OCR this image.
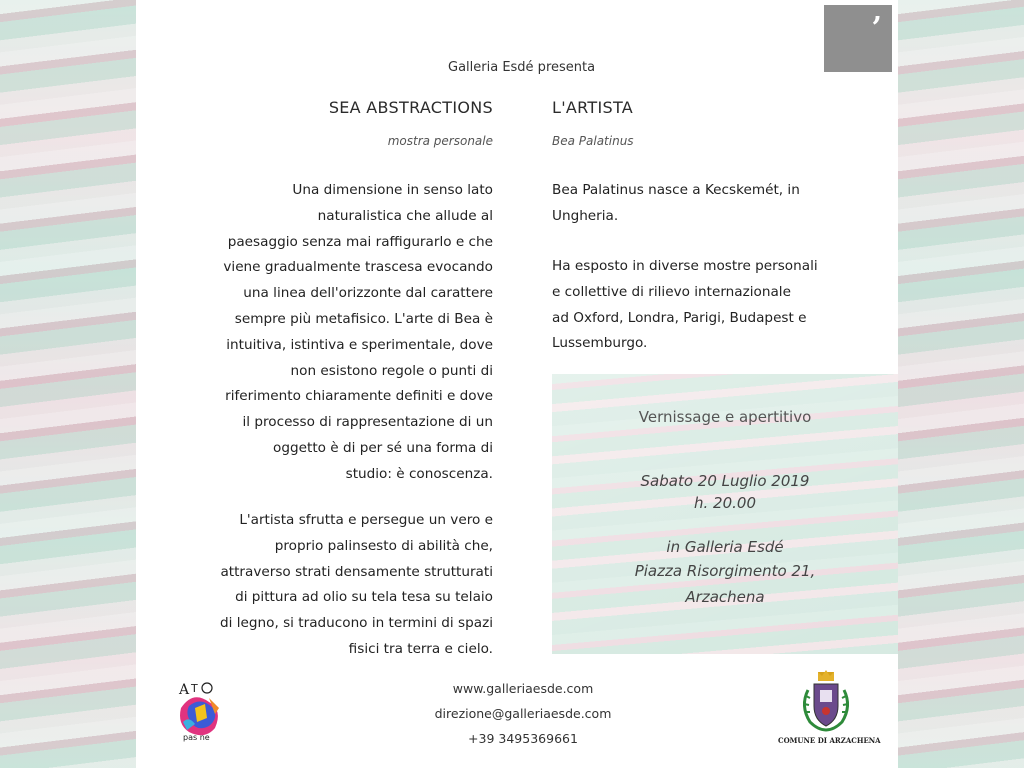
’
Galleria Esdé presenta
SEA ABSTRACTIONS
mostra personale
L'ARTISTA
Bea Palatinus
Una dimensione in senso lato
naturalistica che allude al
paesaggio senza mai raffigurarlo e che
viene gradualmente trascesa evocando
una linea dell'orizzonte dal carattere
sempre più metafisico. L'arte di Bea è
intuitiva, istintiva e sperimentale, dove
non esistono regole o punti di
riferimento chiaramente definiti e dove
il processo di rappresentazione di un
oggetto è di per sé una forma di
studio: è conoscenza.
L'artista sfrutta e persegue un vero e
proprio palinsesto di abilità che,
attraverso strati densamente strutturati
di pittura ad olio su tela tesa su telaio
di legno, si traducono in termini di spazi
fisici tra terra e cielo.
Bea Palatinus nasce a Kecskemét, in
Ungheria.
Ha esposto in diverse mostre personali
e collettive di rilievo internazionale
ad Oxford, Londra, Parigi, Budapest e
Lussemburgo.
Vernissage e apertitivo
Sabato 20 Luglio 2019
h. 20.00
in Galleria Esdé
Piazza Risorgimento 21,
Arzachena
A T
pas ne
www.galleriaesde.com
direzione@galleriaesde.com
+39 3495369661	COMUNE DI ARZACHENA
